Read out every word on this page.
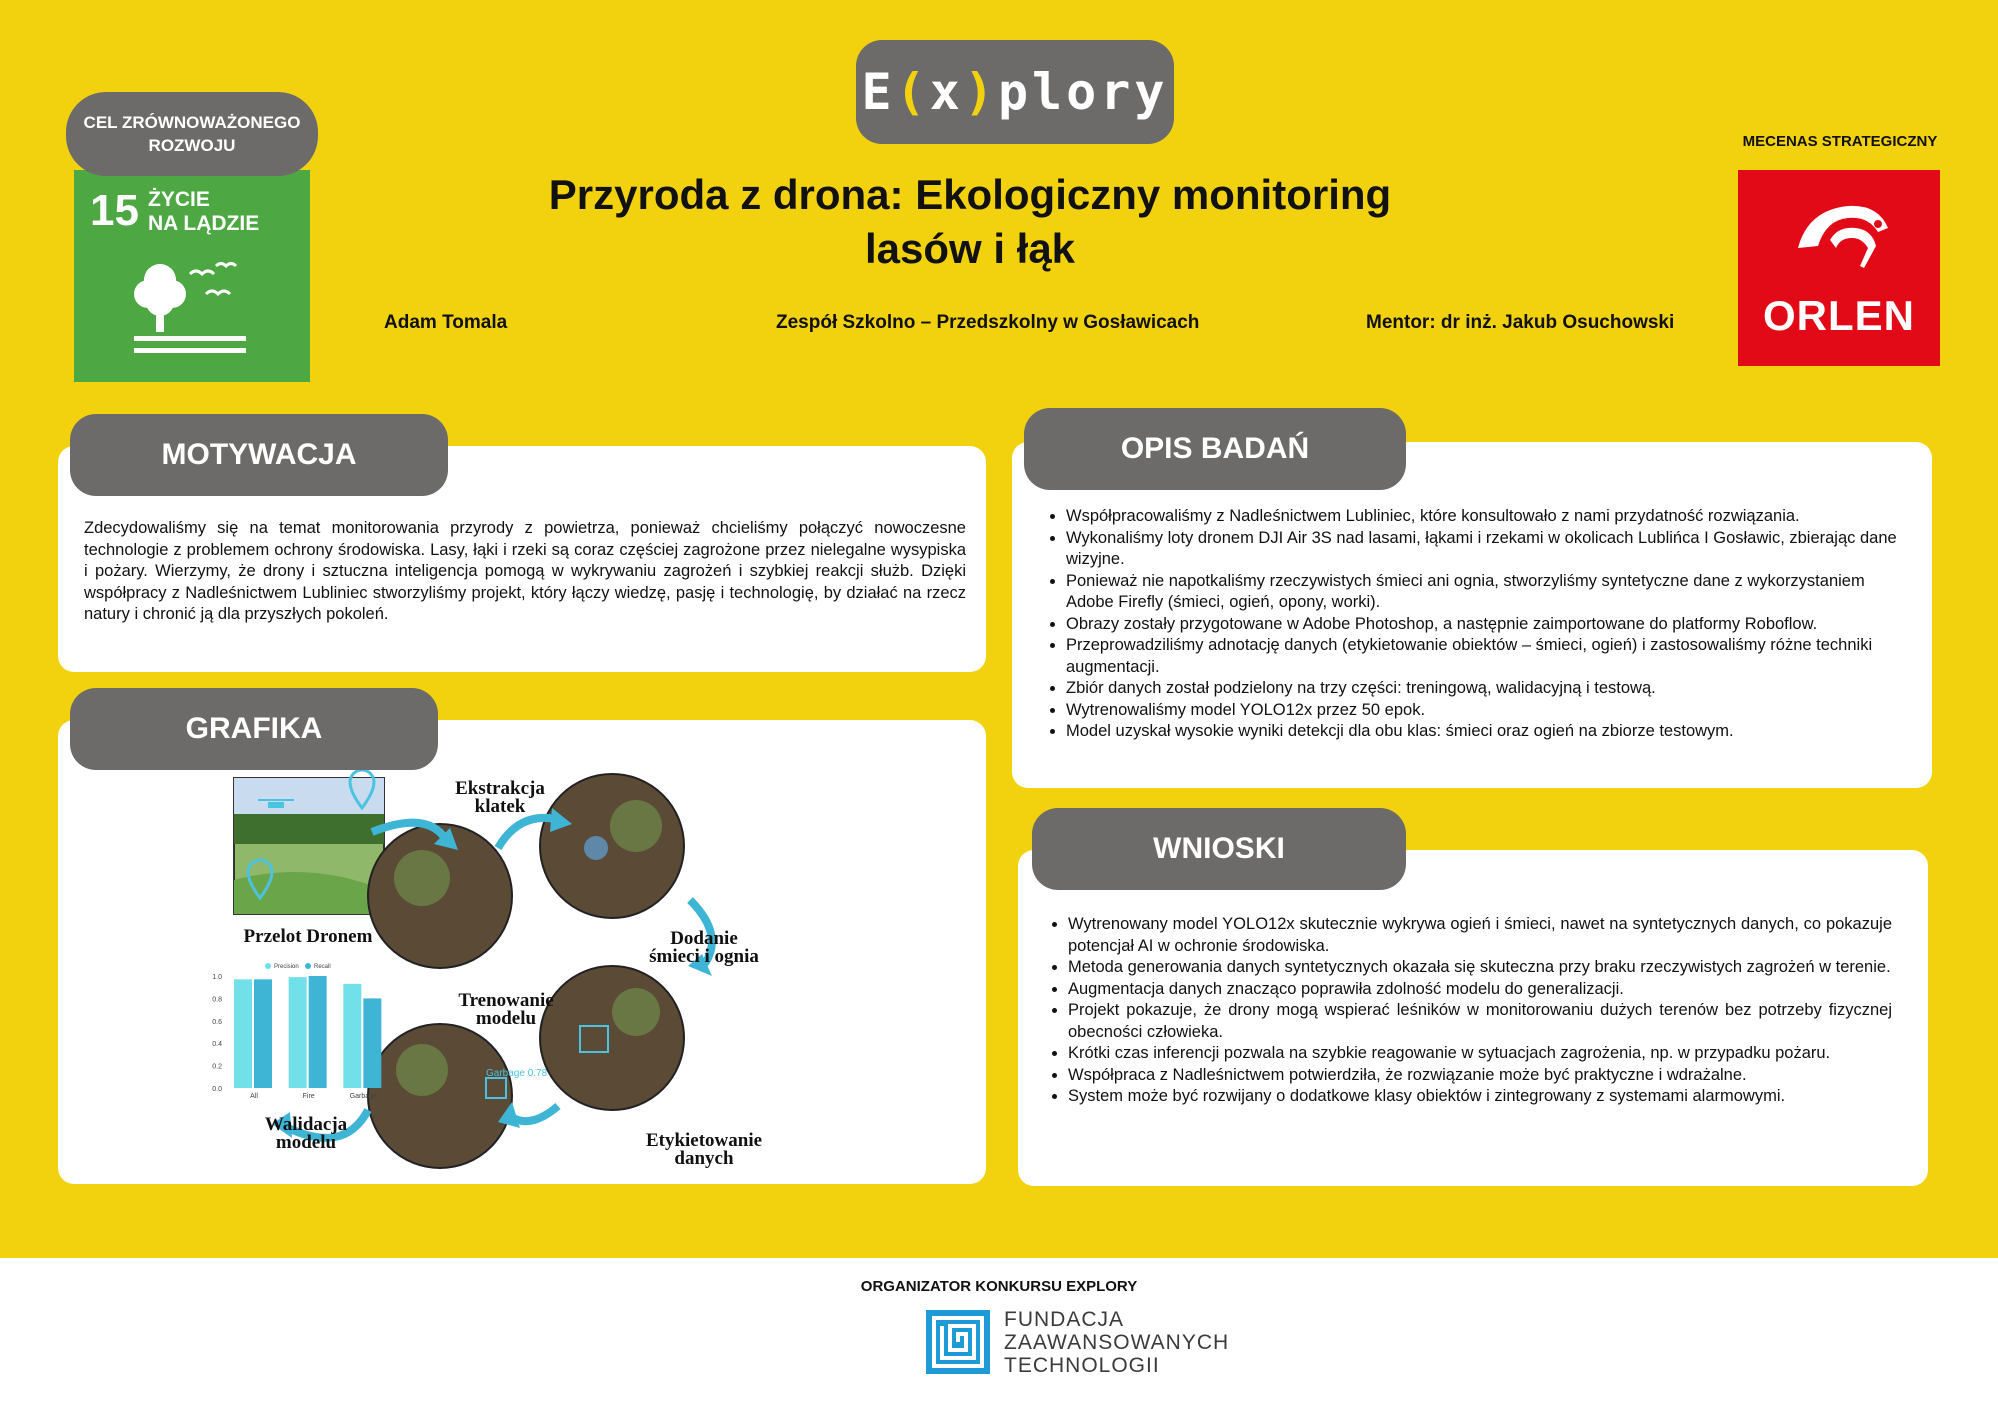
E ( x ) plory
CEL ZRÓWNOWAŻONEGO ROZWOJU
15 ŻYCIE
NA LĄDZIE
Przyroda z drona: Ekologiczny monitoring
lasów i łąk
Adam Tomala	Zespół Szkolno – Przedszkolny w Gosławicach	Mentor: dr inż. Jakub Osuchowski
MECENAS STRATEGICZNY
ORLEN
MOTYWACJA
Zdecydowaliśmy się na temat monitorowania przyrody z powietrza, ponieważ chcieliśmy połączyć nowoczesne technologie z problemem ochrony środowiska. Lasy, łąki i rzeki są coraz częściej zagrożone przez nielegalne wysypiska i pożary. Wierzymy, że drony i sztuczna inteligencja pomogą w wykrywaniu zagrożeń i szybkiej reakcji służb. Dzięki współpracy z Nadleśnictwem Lubliniec stworzyliśmy projekt, który łączy wiedzę, pasję i technologię, by działać na rzecz natury i chronić ją dla przyszłych pokoleń.
GRAFIKA
Garbage 0.78
Ekstrakcja klatek
Przelot Dronem	Dodanie śmieci i ognia
Trenowanie modelu
Etykietowanie danych
Walidacja modelu
0.0
0.2
0.4
0.6
0.8
1.0
All	Fire	Garbage
Precision	Recall
OPIS BADAŃ
• Współpracowaliśmy z Nadleśnictwem Lubliniec, które konsultowało z nami przydatność rozwiązania.
• Wykonaliśmy loty dronem DJI Air 3S nad lasami, łąkami i rzekami w okolicach Lublińca I Gosławic, zbierając dane wizyjne.
• Ponieważ nie napotkaliśmy rzeczywistych śmieci ani ognia, stworzyliśmy syntetyczne dane z wykorzystaniem Adobe Firefly (śmieci, ogień, opony, worki).
• Obrazy zostały przygotowane w Adobe Photoshop, a następnie zaimportowane do platformy Roboflow.
• Przeprowadziliśmy adnotację danych (etykietowanie obiektów – śmieci, ogień) i zastosowaliśmy różne techniki augmentacji.
• Zbiór danych został podzielony na trzy części: treningową, walidacyjną i testową.
• Wytrenowaliśmy model YOLO12x przez 50 epok.
• Model uzyskał wysokie wyniki detekcji dla obu klas: śmieci oraz ogień na zbiorze testowym.
WNIOSKI
• Wytrenowany model YOLO12x skutecznie wykrywa ogień i śmieci, nawet na syntetycznych danych, co pokazuje potencjał AI w ochronie środowiska.
• Metoda generowania danych syntetycznych okazała się skuteczna przy braku rzeczywistych zagrożeń w terenie.
• Augmentacja danych znacząco poprawiła zdolność modelu do generalizacji.
• Projekt pokazuje, że drony mogą wspierać leśników w monitorowaniu dużych terenów bez potrzeby fizycznej obecności człowieka.
• Krótki czas inferencji pozwala na szybkie reagowanie w sytuacjach zagrożenia, np. w przypadku pożaru.
• Współpraca z Nadleśnictwem potwierdziła, że rozwiązanie może być praktyczne i wdrażalne.
• System może być rozwijany o dodatkowe klasy obiektów i zintegrowany z systemami alarmowymi.
ORGANIZATOR KONKURSU EXPLORY
FUNDACJA
ZAAWANSOWANYCH
TECHNOLOGII
